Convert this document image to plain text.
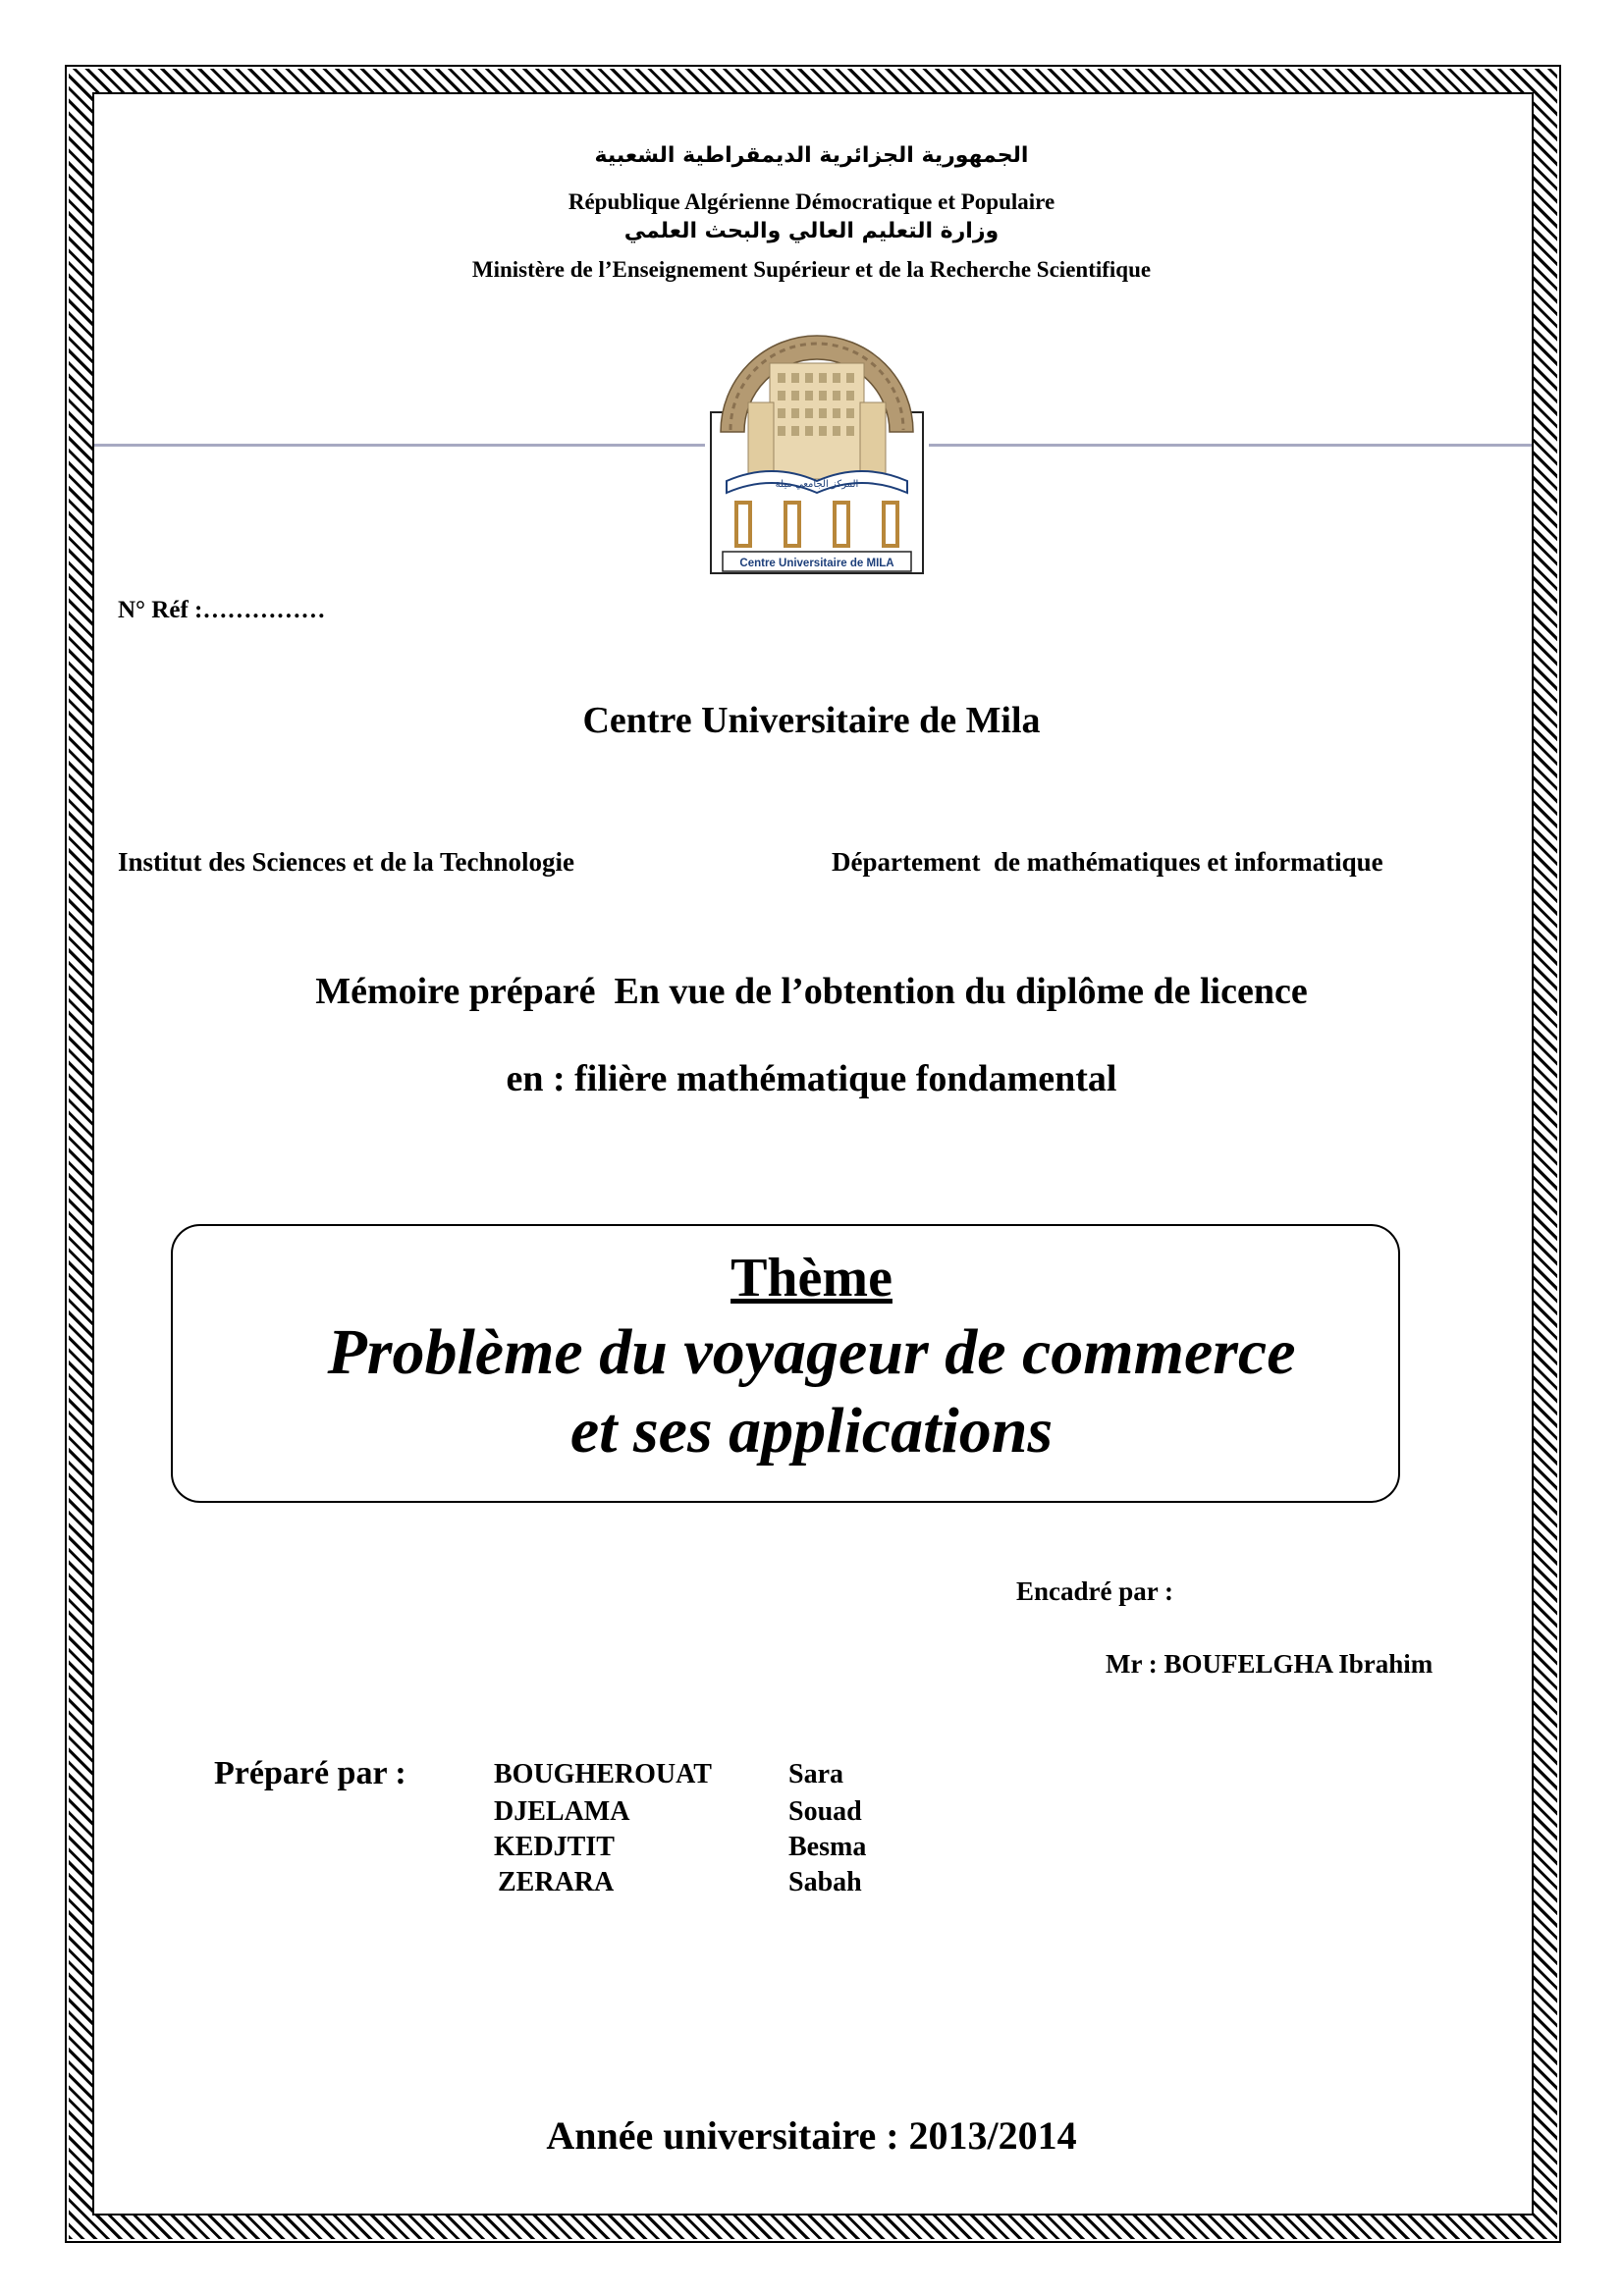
الجمهورية الجزائرية الديمقراطية الشعبية
République Algérienne Démocratique et Populaire
وزارة التعليم العالي والبحث العلمي
Ministère de l’Enseignement Supérieur et de la Recherche Scientifique
المركز الجامعي ميلة
Centre Universitaire de MILA
N° Réf :……………
Centre Universitaire de Mila
Institut des Sciences et de la Technologie	Département  de mathématiques et informatique
Mémoire préparé  En vue de l’obtention du diplôme de licence
en : filière mathématique fondamental
Thème
Problème du voyageur de commerce
et ses applications
Encadré par :
Mr : BOUFELGHA Ibrahim
Préparé par :	BOUGHEROUAT	Sara
DJELAMA	Souad
KEDJTIT	Besma
ZERARA	Sabah
Année universitaire : 2013/2014
